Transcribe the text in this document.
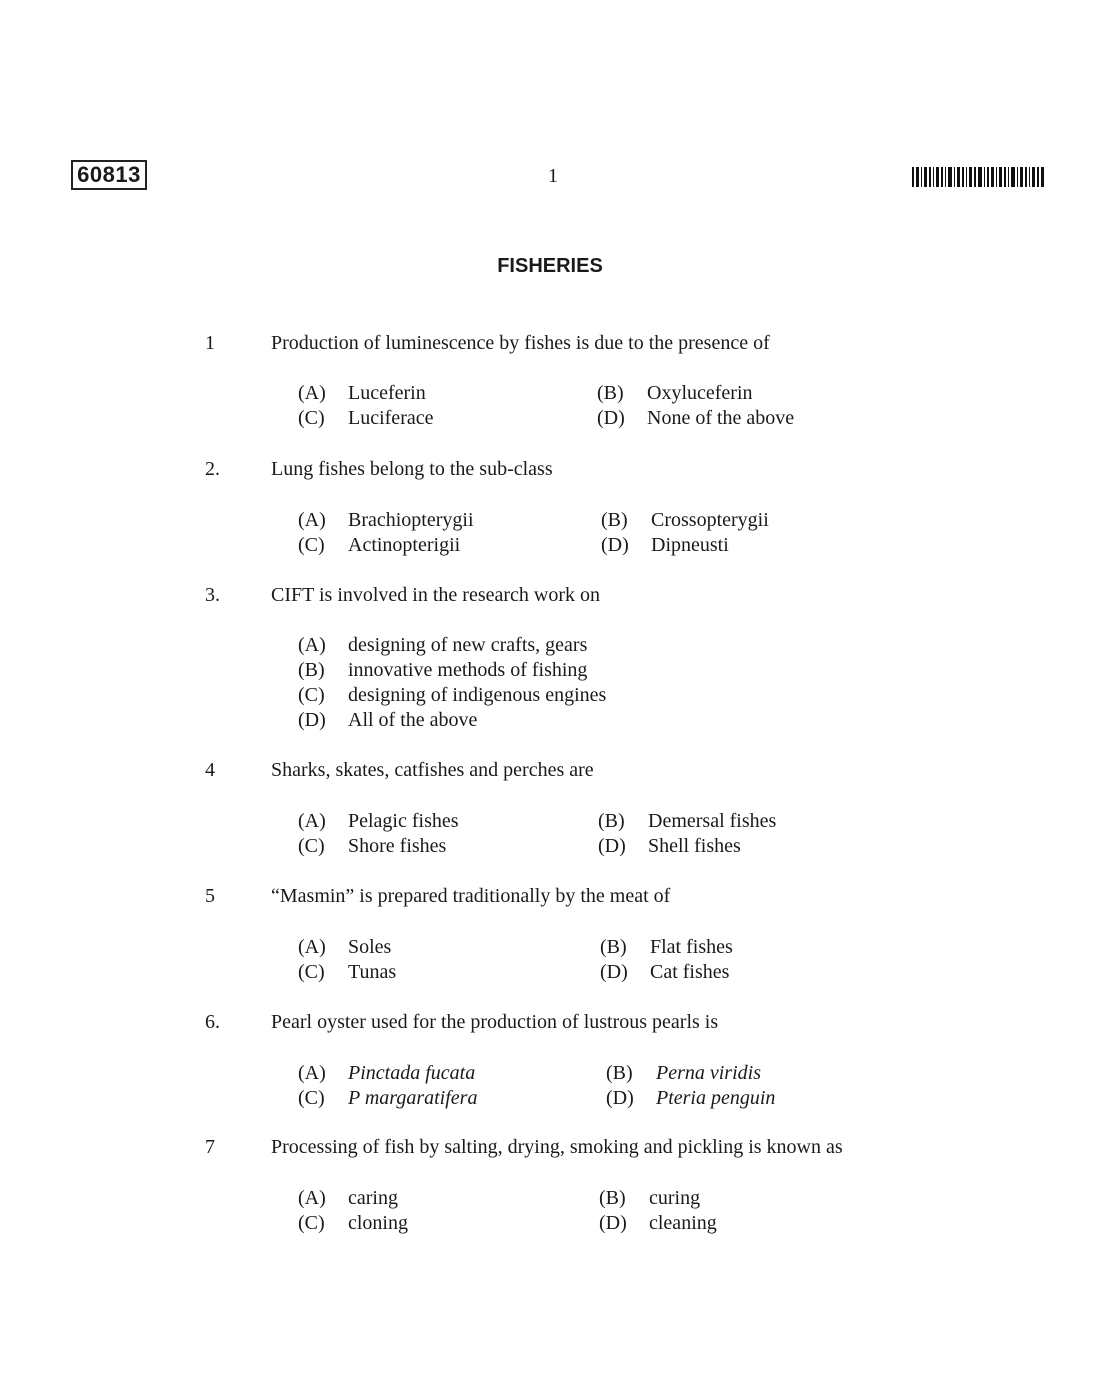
60813	1
FISHERIES
1	Production of luminescence by fishes is due to the presence of
(A) Luceferin	(B) Oxyluceferin
(C) Luciferace	(D) None of the above
2.	Lung fishes belong to the sub-class
(A) Brachiopterygii	(B) Crossopterygii
(C) Actinopterigii	(D) Dipneusti
3.	CIFT is involved in the research work on
(A) designing of new crafts, gears
(B) innovative methods of fishing
(C) designing of indigenous engines
(D) All of the above
4	Sharks, skates, catfishes and perches are
(A) Pelagic fishes	(B) Demersal fishes
(C) Shore fishes	(D) Shell fishes
5	“Masmin” is prepared traditionally by the meat of
(A) Soles	(B) Flat fishes
(C) Tunas	(D) Cat fishes
6.	Pearl oyster used for the production of lustrous pearls is
(A) Pinctada fucata	(B) Perna viridis
(C) P margaratifera	(D) Pteria penguin
7	Processing of fish by salting, drying, smoking and pickling is known as
(A) caring	(B) curing
(C) cloning	(D) cleaning
